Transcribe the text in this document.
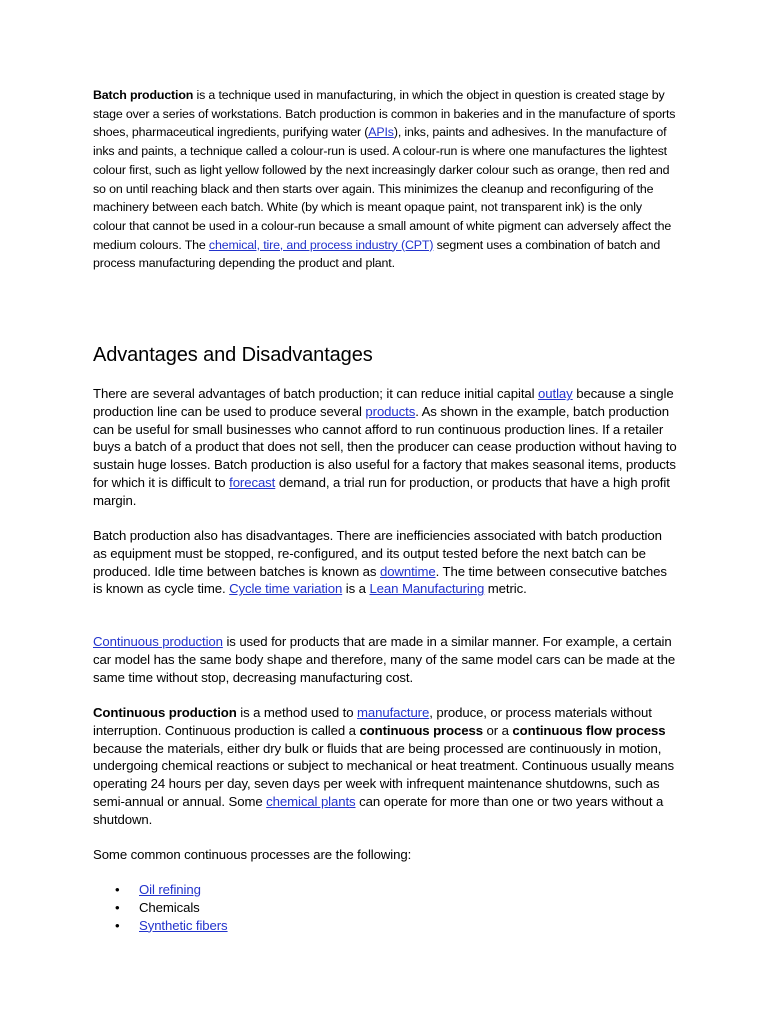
Batch production is a technique used in manufacturing, in which the object in question is created stage by stage over a series of workstations. Batch production is common in bakeries and in the manufacture of sports shoes, pharmaceutical ingredients, purifying water (APIs), inks, paints and adhesives. In the manufacture of inks and paints, a technique called a colour-run is used. A colour-run is where one manufactures the lightest colour first, such as light yellow followed by the next increasingly darker colour such as orange, then red and so on until reaching black and then starts over again. This minimizes the cleanup and reconfiguring of the machinery between each batch. White (by which is meant opaque paint, not transparent ink) is the only colour that cannot be used in a colour-run because a small amount of white pigment can adversely affect the medium colours. The chemical, tire, and process industry (CPT) segment uses a combination of batch and process manufacturing depending the product and plant.

Advantages and Disadvantages

There are several advantages of batch production; it can reduce initial capital outlay because a single production line can be used to produce several products. As shown in the example, batch production can be useful for small businesses who cannot afford to run continuous production lines. If a retailer buys a batch of a product that does not sell, then the producer can cease production without having to sustain huge losses. Batch production is also useful for a factory that makes seasonal items, products for which it is difficult to forecast demand, a trial run for production, or products that have a high profit margin.

Batch production also has disadvantages. There are inefficiencies associated with batch production as equipment must be stopped, re-configured, and its output tested before the next batch can be produced. Idle time between batches is known as downtime. The time between consecutive batches is known as cycle time. Cycle time variation is a Lean Manufacturing metric.

Continuous production is used for products that are made in a similar manner. For example, a certain car model has the same body shape and therefore, many of the same model cars can be made at the same time without stop, decreasing manufacturing cost.

Continuous production is a method used to manufacture, produce, or process materials without interruption. Continuous production is called a continuous process or a continuous flow process because the materials, either dry bulk or fluids that are being processed are continuously in motion, undergoing chemical reactions or subject to mechanical or heat treatment. Continuous usually means operating 24 hours per day, seven days per week with infrequent maintenance shutdowns, such as semi-annual or annual. Some chemical plants can operate for more than one or two years without a shutdown.

Some common continuous processes are the following:

• Oil refining
• Chemicals
• Synthetic fibers
